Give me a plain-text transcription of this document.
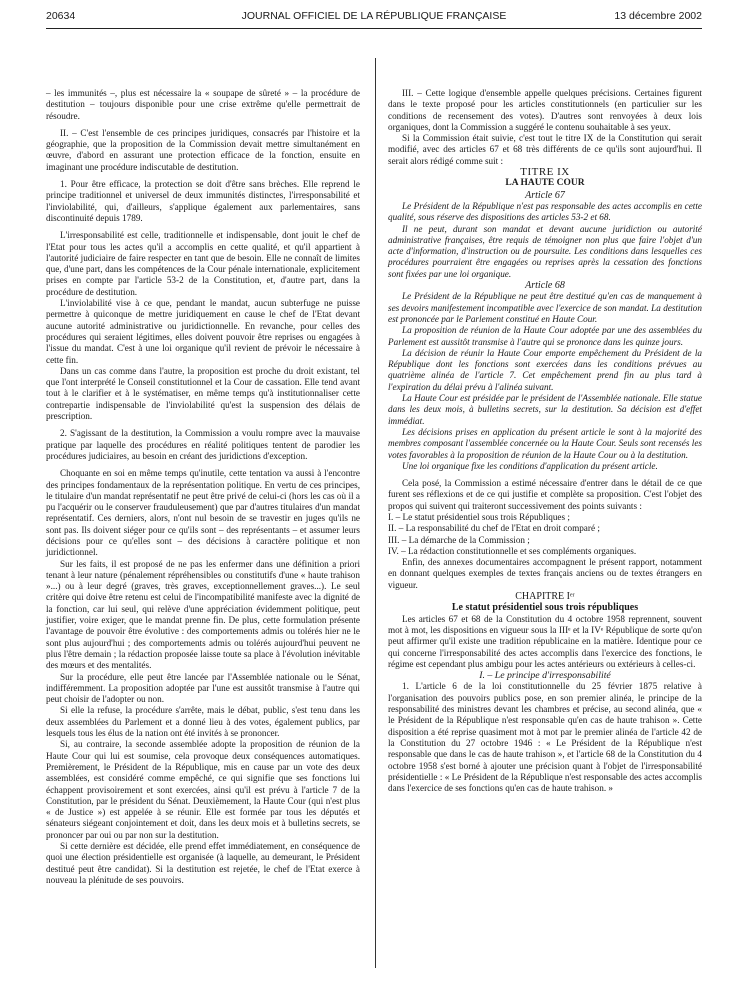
20634	JOURNAL OFFICIEL DE LA RÉPUBLIQUE FRANÇAISE	13 décembre 2002

– les immunités –, plus est nécessaire la « soupape de sûreté » – la procédure de destitution – toujours disponible pour une crise extrême qu'elle permettrait de résoudre.

II. – C'est l'ensemble de ces principes juridiques, consacrés par l'histoire et la géographie, que la proposition de la Commission devait mettre simultanément en œuvre, d'abord en assurant une protection efficace de la fonction, ensuite en imaginant une procédure indiscutable de destitution.

1. Pour être efficace, la protection se doit d'être sans brèches. Elle reprend le principe traditionnel et universel de deux immunités distinctes, l'irresponsabilité et l'inviolabilité, qui, d'ailleurs, s'applique également aux parlementaires, sans discontinuité depuis 1789.

L'irresponsabilité est celle, traditionnelle et indispensable, dont jouit le chef de l'Etat pour tous les actes qu'il a accomplis en cette qualité, et qu'il appartient à l'autorité judiciaire de faire respecter en tant que de besoin. Elle ne connaît de limites que, d'une part, dans les compétences de la Cour pénale internationale, explicitement prises en compte par l'article 53-2 de la Constitution, et, d'autre part, dans la procédure de destitution.

L'inviolabilité vise à ce que, pendant le mandat, aucun subterfuge ne puisse permettre à quiconque de mettre juridiquement en cause le chef de l'Etat devant aucune autorité administrative ou juridictionnelle. En revanche, pour celles des procédures qui seraient légitimes, elles doivent pouvoir être reprises ou engagées à l'issue du mandat. C'est à une loi organique qu'il revient de prévoir le nécessaire à cette fin.

Dans un cas comme dans l'autre, la proposition est proche du droit existant, tel que l'ont interprété le Conseil constitutionnel et la Cour de cassation. Elle tend avant tout à le clarifier et à le systématiser, en même temps qu'à institutionnaliser cette contrepartie indispensable de l'inviolabilité qu'est la suspension des délais de prescription.

2. S'agissant de la destitution, la Commission a voulu rompre avec la mauvaise pratique par laquelle des procédures en réalité politiques tentent de parodier les procédures judiciaires, au besoin en créant des juridictions d'exception.

Choquante en soi en même temps qu'inutile, cette tentation va aussi à l'encontre des principes fondamentaux de la représentation politique. En vertu de ces principes, le titulaire d'un mandat représentatif ne peut être privé de celui-ci (hors les cas où il a pu l'acquérir ou le conserver frauduleusement) que par d'autres titulaires d'un mandat représentatif. Ces derniers, alors, n'ont nul besoin de se travestir en juges qu'ils ne sont pas. Ils doivent siéger pour ce qu'ils sont – des représentants – et assumer leurs décisions pour ce qu'elles sont – des décisions à caractère politique et non juridictionnel.

Sur les faits, il est proposé de ne pas les enfermer dans une définition a priori tenant à leur nature (pénalement répréhensibles ou constitutifs d'une « haute trahison »...) ou à leur degré (graves, très graves, exceptionnellement graves...). Le seul critère qui doive être retenu est celui de l'incompatibilité manifeste avec la dignité de la fonction, car lui seul, qui relève d'une appréciation évidemment politique, peut justifier, voire exiger, que le mandat prenne fin. De plus, cette formulation présente l'avantage de pouvoir être évolutive : des comportements admis ou tolérés hier ne le sont plus aujourd'hui ; des comportements admis ou tolérés aujourd'hui peuvent ne plus l'être demain ; la rédaction proposée laisse toute sa place à l'évolution inévitable des mœurs et des mentalités.

Sur la procédure, elle peut être lancée par l'Assemblée nationale ou le Sénat, indifféremment. La proposition adoptée par l'une est aussitôt transmise à l'autre qui peut choisir de l'adopter ou non.

Si elle la refuse, la procédure s'arrête, mais le débat, public, s'est tenu dans les deux assemblées du Parlement et a donné lieu à des votes, également publics, par lesquels tous les élus de la nation ont été invités à se prononcer.

Si, au contraire, la seconde assemblée adopte la proposition de réunion de la Haute Cour qui lui est soumise, cela provoque deux conséquences automatiques. Premièrement, le Président de la République, mis en cause par un vote des deux assemblées, est considéré comme empêché, ce qui signifie que ses fonctions lui échappent provisoirement et sont exercées, ainsi qu'il est prévu à l'article 7 de la Constitution, par le président du Sénat. Deuxièmement, la Haute Cour (qui n'est plus « de Justice ») est appelée à se réunir. Elle est formée par tous les députés et sénateurs siégeant conjointement et doit, dans les deux mois et à bulletins secrets, se prononcer par oui ou par non sur la destitution.

Si cette dernière est décidée, elle prend effet immédiatement, en conséquence de quoi une élection présidentielle est organisée (à laquelle, au demeurant, le Président destitué peut être candidat). Si la destitution est rejetée, le chef de l'Etat exerce à nouveau la plénitude de ses pouvoirs.

III. – Cette logique d'ensemble appelle quelques précisions. Certaines figurent dans le texte proposé pour les articles constitutionnels (en particulier sur les conditions de recensement des votes). D'autres sont renvoyées à deux lois organiques, dont la Commission a suggéré le contenu souhaitable à ses yeux.

Si la Commission était suivie, c'est tout le titre IX de la Constitution qui serait modifié, avec des articles 67 et 68 très différents de ce qu'ils sont aujourd'hui. Il serait alors rédigé comme suit :

TITRE IX

LA HAUTE COUR

Article 67

Le Président de la République n'est pas responsable des actes accomplis en cette qualité, sous réserve des dispositions des articles 53-2 et 68.

Il ne peut, durant son mandat et devant aucune juridiction ou autorité administrative françaises, être requis de témoigner non plus que faire l'objet d'un acte d'information, d'instruction ou de poursuite. Les conditions dans lesquelles ces procédures pourraient être engagées ou reprises après la cessation des fonctions sont fixées par une loi organique.

Article 68

Le Président de la République ne peut être destitué qu'en cas de manquement à ses devoirs manifestement incompatible avec l'exercice de son mandat. La destitution est prononcée par le Parlement constitué en Haute Cour.

La proposition de réunion de la Haute Cour adoptée par une des assemblées du Parlement est aussitôt transmise à l'autre qui se prononce dans les quinze jours.

La décision de réunir la Haute Cour emporte empêchement du Président de la République dont les fonctions sont exercées dans les conditions prévues au quatrième alinéa de l'article 7. Cet empêchement prend fin au plus tard à l'expiration du délai prévu à l'alinéa suivant.

La Haute Cour est présidée par le président de l'Assemblée nationale. Elle statue dans les deux mois, à bulletins secrets, sur la destitution. Sa décision est d'effet immédiat.

Les décisions prises en application du présent article le sont à la majorité des membres composant l'assemblée concernée ou la Haute Cour. Seuls sont recensés les votes favorables à la proposition de réunion de la Haute Cour ou à la destitution.

Une loi organique fixe les conditions d'application du présent article.

Cela posé, la Commission a estimé nécessaire d'entrer dans le détail de ce que furent ses réflexions et de ce qui justifie et complète sa proposition. C'est l'objet des propos qui suivent qui traiteront successivement des points suivants :

I. – Le statut présidentiel sous trois Républiques ;

II. – La responsabilité du chef de l'Etat en droit comparé ;

III. – La démarche de la Commission ;

IV. – La rédaction constitutionnelle et ses compléments organiques.

Enfin, des annexes documentaires accompagnent le présent rapport, notamment en donnant quelques exemples de textes français anciens ou de textes étrangers en vigueur.

CHAPITRE Iᵉʳ

Le statut présidentiel sous trois républiques

Les articles 67 et 68 de la Constitution du 4 octobre 1958 reprennent, souvent mot à mot, les dispositions en vigueur sous la IIIᵉ et la IVᵉ République de sorte qu'on peut affirmer qu'il existe une tradition républicaine en la matière. Identique pour ce qui concerne l'irresponsabilité des actes accomplis dans l'exercice des fonctions, le régime est cependant plus ambigu pour les actes antérieurs ou extérieurs à celles-ci.

I. – Le principe d'irresponsabilité

1. L'article 6 de la loi constitutionnelle du 25 février 1875 relative à l'organisation des pouvoirs publics pose, en son premier alinéa, le principe de la responsabilité des ministres devant les chambres et précise, au second alinéa, que « le Président de la République n'est responsable qu'en cas de haute trahison ». Cette disposition a été reprise quasiment mot à mot par le premier alinéa de l'article 42 de la Constitution du 27 octobre 1946 : « Le Président de la République n'est responsable que dans le cas de haute trahison », et l'article 68 de la Constitution du 4 octobre 1958 s'est borné à ajouter une précision quant à l'objet de l'irresponsabilité présidentielle : « Le Président de la République n'est responsable des actes accomplis dans l'exercice de ses fonctions qu'en cas de haute trahison. »
